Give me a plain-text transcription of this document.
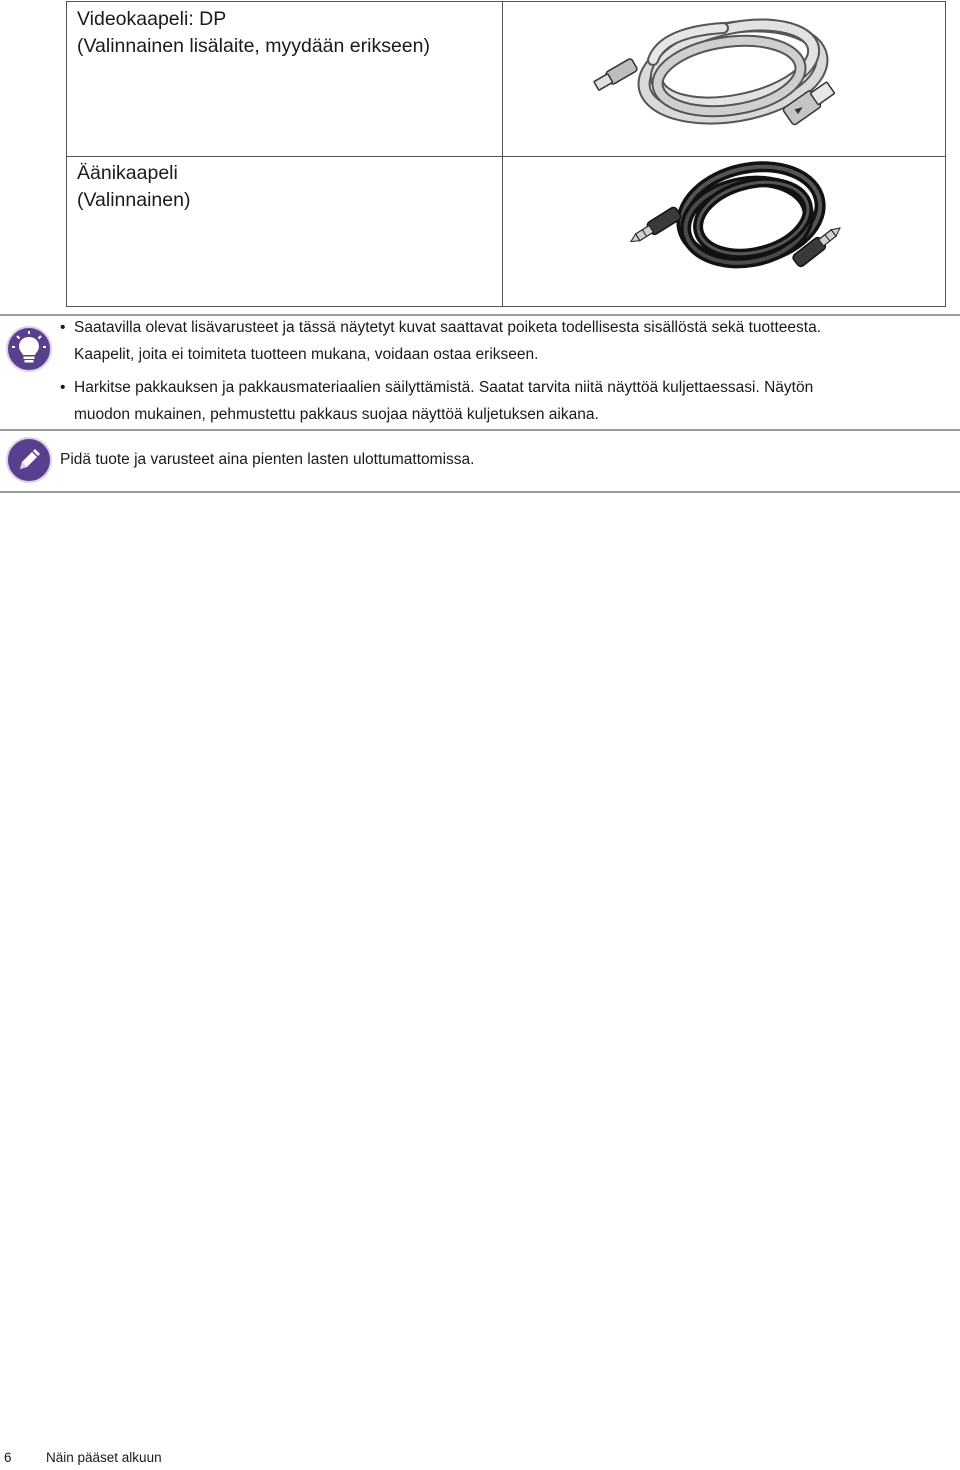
Videokaapeli: DP
(Valinnainen lisälaite, myydään erikseen)
Äänikaapeli
(Valinnainen)
• Saatavilla olevat lisävarusteet ja tässä näytetyt kuvat saattavat poiketa todellisesta sisällöstä sekä tuotteesta.
Kaapelit, joita ei toimiteta tuotteen mukana, voidaan ostaa erikseen.
• Harkitse pakkauksen ja pakkausmateriaalien säilyttämistä. Saatat tarvita niitä näyttöä kuljettaessasi. Näytön
muodon mukainen, pehmustettu pakkaus suojaa näyttöä kuljetuksen aikana.
Pidä tuote ja varusteet aina pienten lasten ulottumattomissa.
6	Näin pääset alkuun
